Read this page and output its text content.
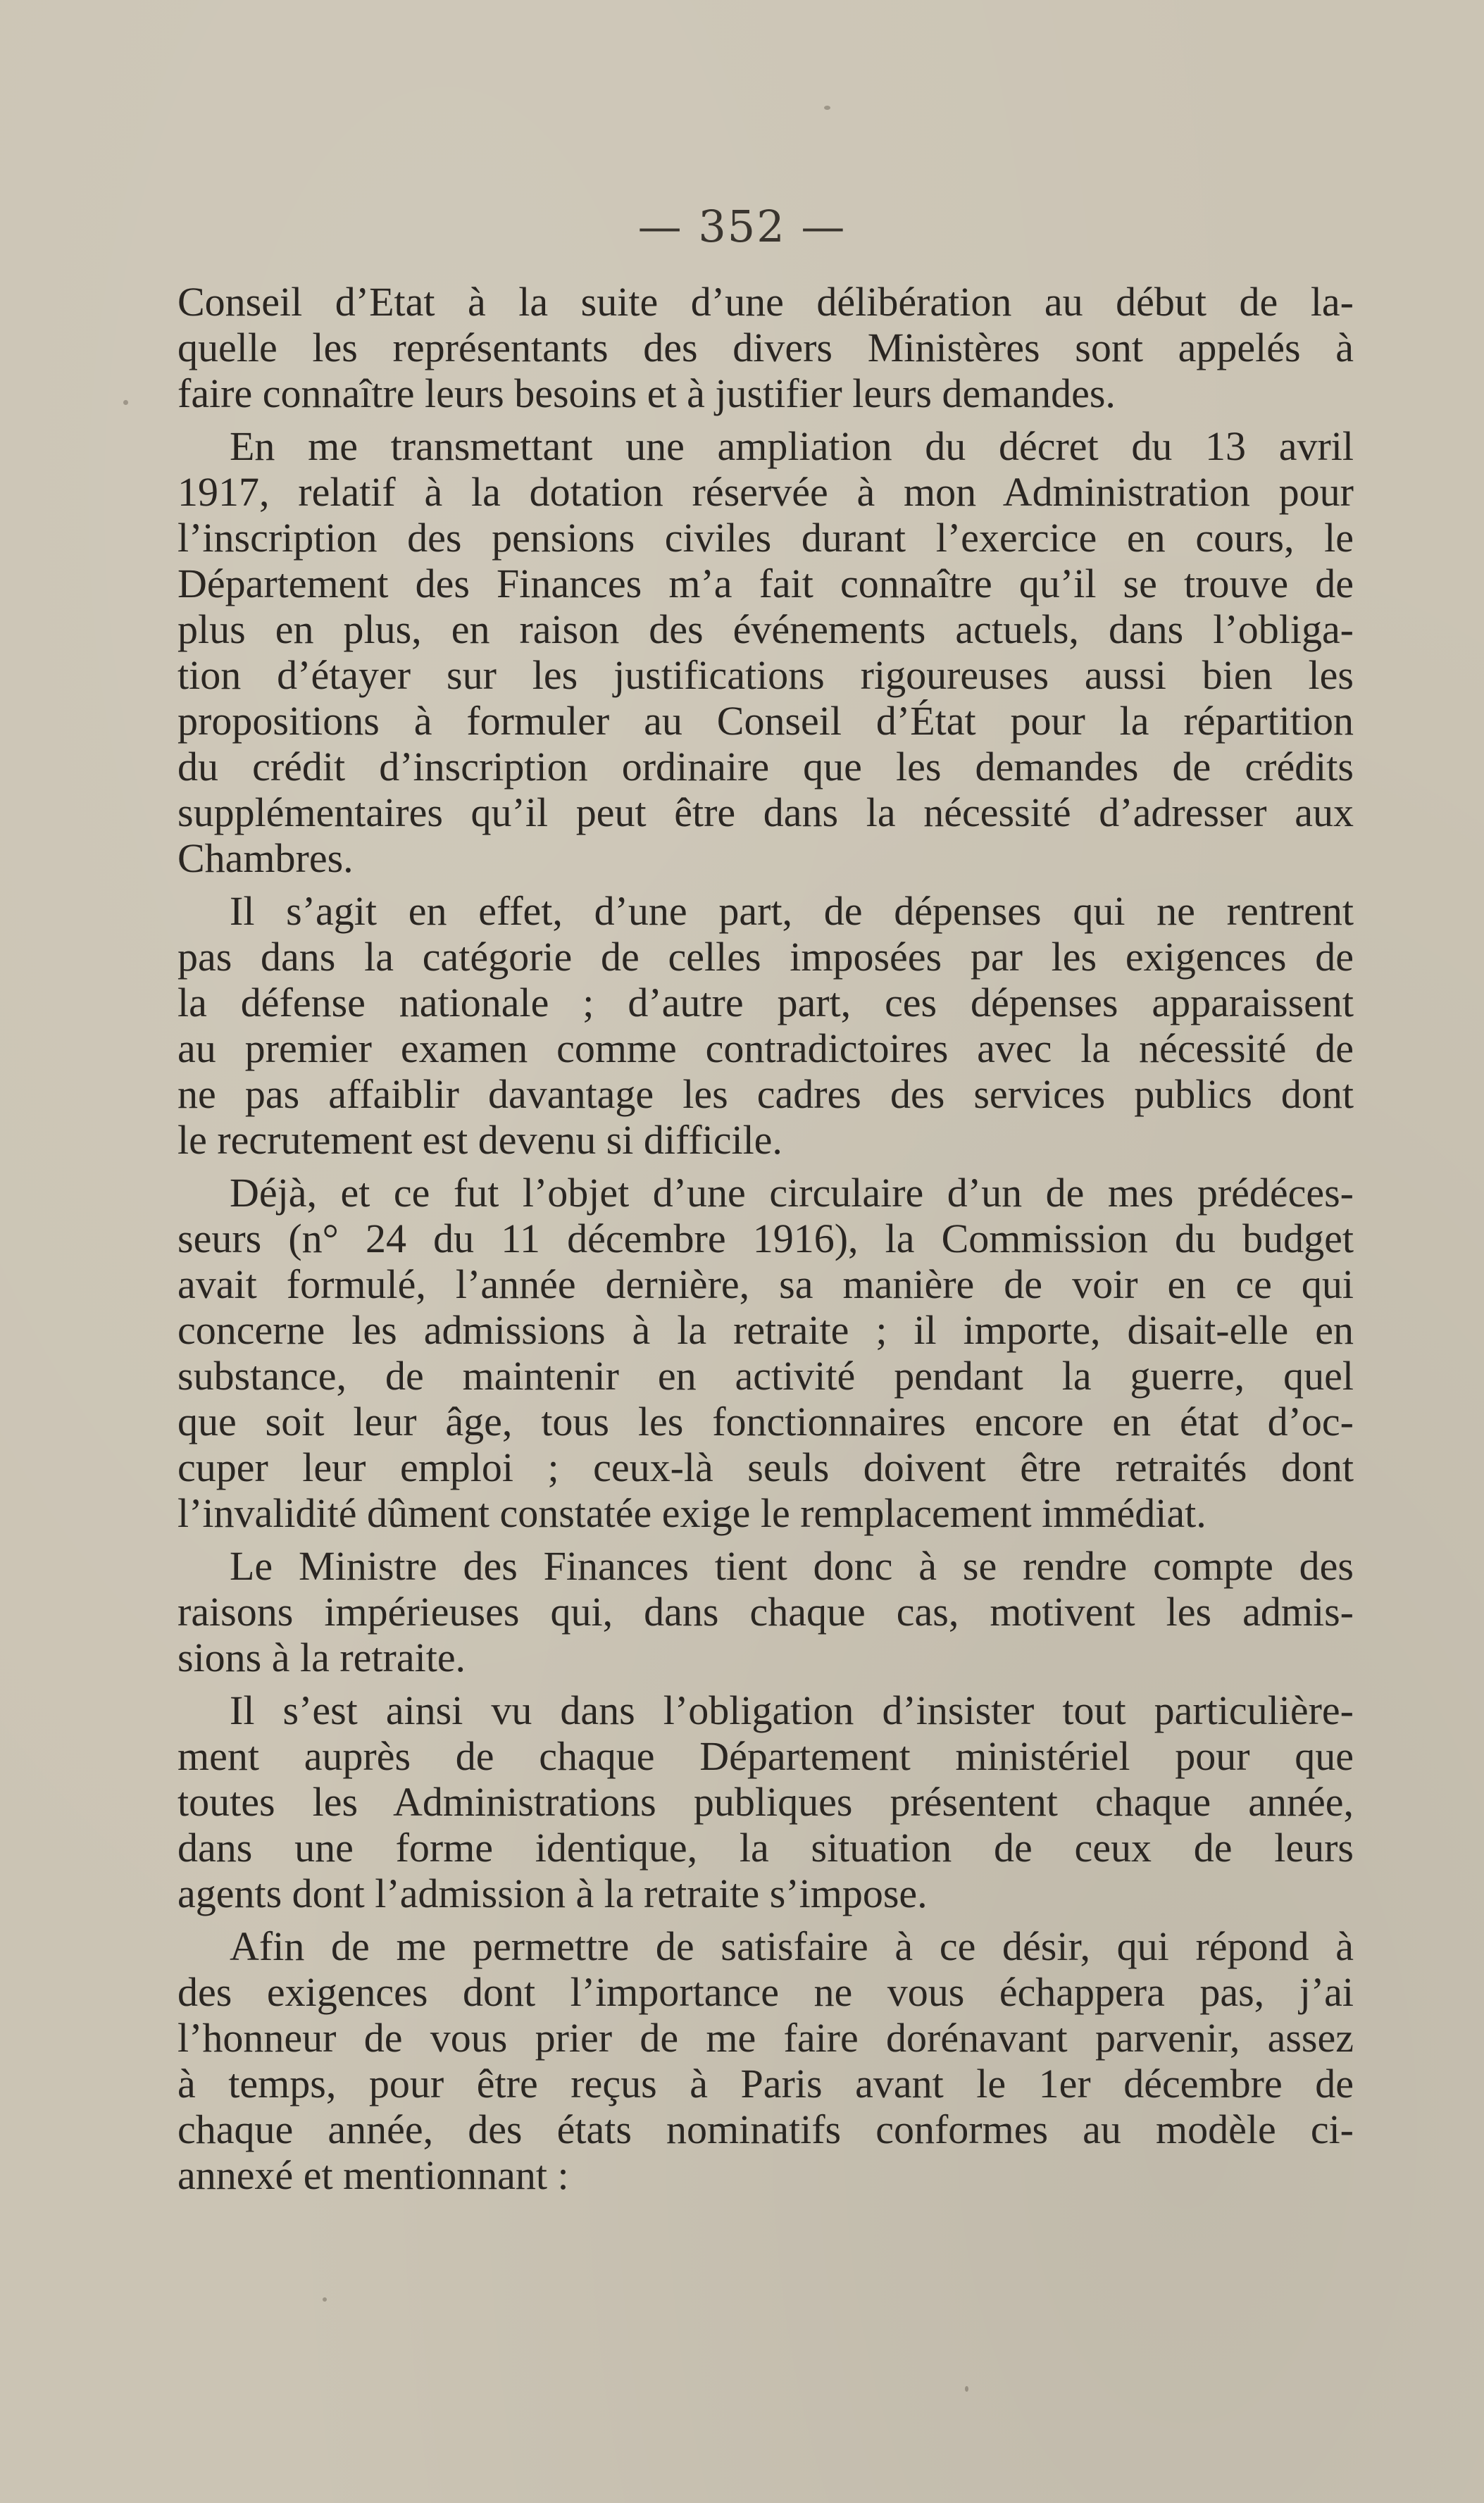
— 352 —
Conseil d’Etat à la suite d’une délibération au début de la-
quelle les représentants des divers Ministères sont appelés à
faire connaître leurs besoins et à justifier leurs demandes.
En me transmettant une ampliation du décret du 13 avril
1917, relatif à la dotation réservée à mon Administration pour
l’inscription des pensions civiles durant l’exercice en cours, le
Département des Finances m’a fait connaître qu’il se trouve de
plus en plus, en raison des événements actuels, dans l’obliga-
tion d’étayer sur les justifications rigoureuses aussi bien les
propositions à formuler au Conseil d’État pour la répartition
du crédit d’inscription ordinaire que les demandes de crédits
supplémentaires qu’il peut être dans la nécessité d’adresser aux
Chambres.
Il s’agit en effet, d’une part, de dépenses qui ne rentrent
pas dans la catégorie de celles imposées par les exigences de
la défense nationale ; d’autre part, ces dépenses apparaissent
au premier examen comme contradictoires avec la nécessité de
ne pas affaiblir davantage les cadres des services publics dont
le recrutement est devenu si difficile.
Déjà, et ce fut l’objet d’une circulaire d’un de mes prédéces-
seurs (n° 24 du 11 décembre 1916), la Commission du budget
avait formulé, l’année dernière, sa manière de voir en ce qui
concerne les admissions à la retraite ; il importe, disait-elle en
substance, de maintenir en activité pendant la guerre, quel
que soit leur âge, tous les fonctionnaires encore en état d’oc-
cuper leur emploi ; ceux-là seuls doivent être retraités dont
l’invalidité dûment constatée exige le remplacement immédiat.
Le Ministre des Finances tient donc à se rendre compte des
raisons impérieuses qui, dans chaque cas, motivent les admis-
sions à la retraite.
Il s’est ainsi vu dans l’obligation d’insister tout particulière-
ment auprès de chaque Département ministériel pour que
toutes les Administrations publiques présentent chaque année,
dans une forme identique, la situation de ceux de leurs
agents dont l’admission à la retraite s’impose.
Afin de me permettre de satisfaire à ce désir, qui répond à
des exigences dont l’importance ne vous échappera pas, j’ai
l’honneur de vous prier de me faire dorénavant parvenir, assez
à temps, pour être reçus à Paris avant le 1er décembre de
chaque année, des états nominatifs conformes au modèle ci-
annexé et mentionnant :
